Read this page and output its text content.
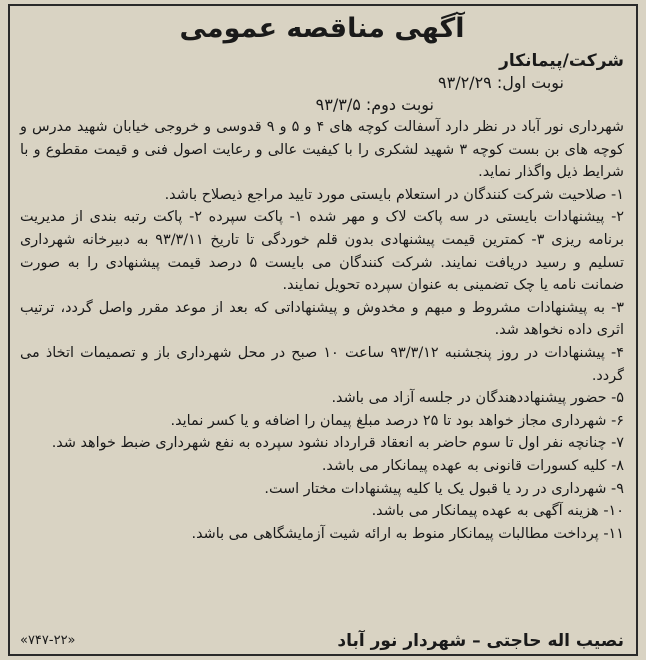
آگهی مناقصه عمومی
شرکت/پیمانکار
نوبت اول: ۹۳/۲/۲۹
نوبت دوم: ۹۳/۳/۵

شهرداری نور آباد در نظر دارد آسفالت کوچه های ۴ و ۵ و ۹ قدوسی و خروجی خیابان شهید مدرس و کوچه های بن بست کوچه ۳ شهید لشکری را با کیفیت عالی و رعایت اصول فنی و قیمت مقطوع و با شرایط ذیل واگذار نماید.

۱- صلاحیت شرکت کنندگان در استعلام بایستی مورد تایید مراجع ذیصلاح باشد.

۲- پیشنهادات بایستی در سه پاکت لاک و مهر شده ۱- پاکت سپرده ۲- پاکت رتبه بندی از مدیریت برنامه ریزی ۳- کمترین قیمت پیشنهادی بدون قلم خوردگی تا تاریخ ۹۳/۳/۱۱ به دبیرخانه شهرداری تسلیم و رسید دریافت نمایند. شرکت کنندگان می بایست ۵ درصد قیمت پیشنهادی را به صورت ضمانت نامه یا چک تضمینی به عنوان سپرده تحویل نمایند.

۳- به پیشنهادات مشروط و مبهم و مخدوش و پیشنهاداتی که بعد از موعد مقرر واصل گردد، ترتیب اثری داده نخواهد شد.

۴- پیشنهادات در روز پنجشنبه ۹۳/۳/۱۲ ساعت ۱۰ صبح در محل شهرداری باز و تصمیمات اتخاذ می گردد.

۵- حضور پیشنهاددهندگان در جلسه آزاد می باشد.

۶- شهرداری مجاز خواهد بود تا ۲۵ درصد مبلغ پیمان را اضافه و یا کسر نماید.

۷- چنانچه نفر اول تا سوم حاضر به انعقاد قرارداد نشود سپرده به نفع شهرداری ضبط خواهد شد.

۸- کلیه کسورات قانونی به عهده پیمانکار می باشد.

۹- شهرداری در رد یا قبول یک یا کلیه پیشنهادات مختار است.

۱۰- هزینه آگهی به عهده پیمانکار می باشد.

۱۱- پرداخت مطالبات پیمانکار منوط به ارائه شیت آزمایشگاهی می باشد.

نصیب اله حاجتی – شهردار نور آباد
«۷۴۷-۲۲»
